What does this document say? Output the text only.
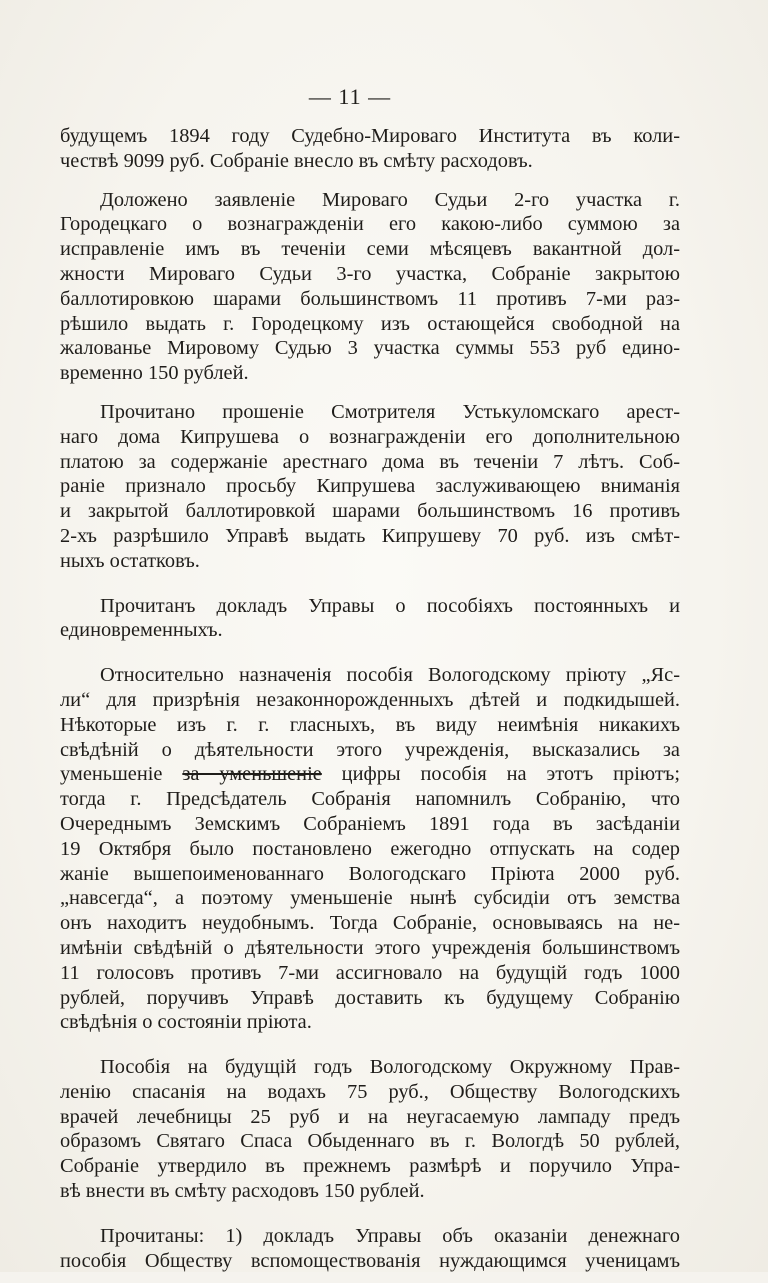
— 11 —
будущемъ 1894 году Судебно-Мироваго Института въ коли-
чествѣ 9099 руб. Собраніе внесло въ смѣту расходовъ.
Доложено заявленіе Мироваго Судьи 2-го участка г.
Городецкаго о вознагражденіи его какою-либо суммою за
исправленіе имъ въ теченіи семи мѣсяцевъ вакантной дол-
жности Мироваго Судьи 3-го участка, Собраніе закрытою
баллотировкою шарами большинствомъ 11 противъ 7-ми раз-
рѣшило выдать г. Городецкому изъ остающейся свободной на
жалованье Мировому Судью 3 участка суммы 553 руб едино-
временно 150 рублей.
Прочитано прошеніе Смотрителя Устькуломскаго арест-
наго дома Кипрушева о вознагражденіи его дополнительною
платою за содержаніе арестнаго дома въ теченіи 7 лѣтъ. Соб-
раніе признало просьбу Кипрушева заслуживающею вниманія
и закрытой баллотировкой шарами большинствомъ 16 противъ
2-хъ разрѣшило Управѣ выдать Кипрушеву 70 руб. изъ смѣт-
ныхъ остатковъ.
Прочитанъ докладъ Управы о пособіяхъ постоянныхъ и
единовременныхъ.
Относительно назначенія пособія Вологодскому пріюту „Яс-
ли“ для призрѣнія незаконнорожденныхъ дѣтей и подкидышей.
Нѣкоторые изъ г. г. гласныхъ, въ виду неимѣнія никакихъ
свѣдѣній о дѣятельности этого учрежденія, высказались за
уменьшеніе за уменьшеніе цифры пособія на этотъ пріютъ;
тогда г. Предсѣдатель Собранія напомнилъ Собранію, что
Очереднымъ Земскимъ Собраніемъ 1891 года въ засѣданіи
19 Октября было постановлено ежегодно отпускать на содер
жаніе вышепоименованнаго Вологодскаго Пріюта 2000 руб.
„навсегда“, а поэтому уменьшеніе нынѣ субсидіи отъ земства
онъ находитъ неудобнымъ. Тогда Собраніе, основываясь на не-
имѣніи свѣдѣній о дѣятельности этого учрежденія большинствомъ
11 голосовъ противъ 7-ми ассигновало на будущій годъ 1000
рублей, поручивъ Управѣ доставить къ будущему Собранію
свѣдѣнія о состояніи пріюта.
Пособія на будущій годъ Вологодскому Окружному Прав-
ленію спасанія на водахъ 75 руб., Обществу Вологодскихъ
врачей лечебницы 25 руб и на неугасаемую лампаду предъ
образомъ Святаго Спаса Обыденнаго въ г. Вологдѣ 50 рублей,
Собраніе утвердило въ прежнемъ размѣрѣ и поручило Упра-
вѣ внести въ смѣту расходовъ 150 рублей.
Прочитаны: 1) докладъ Управы объ оказаніи денежнаго
пособія Обществу вспомоществованія нуждающимся ученицамъ
